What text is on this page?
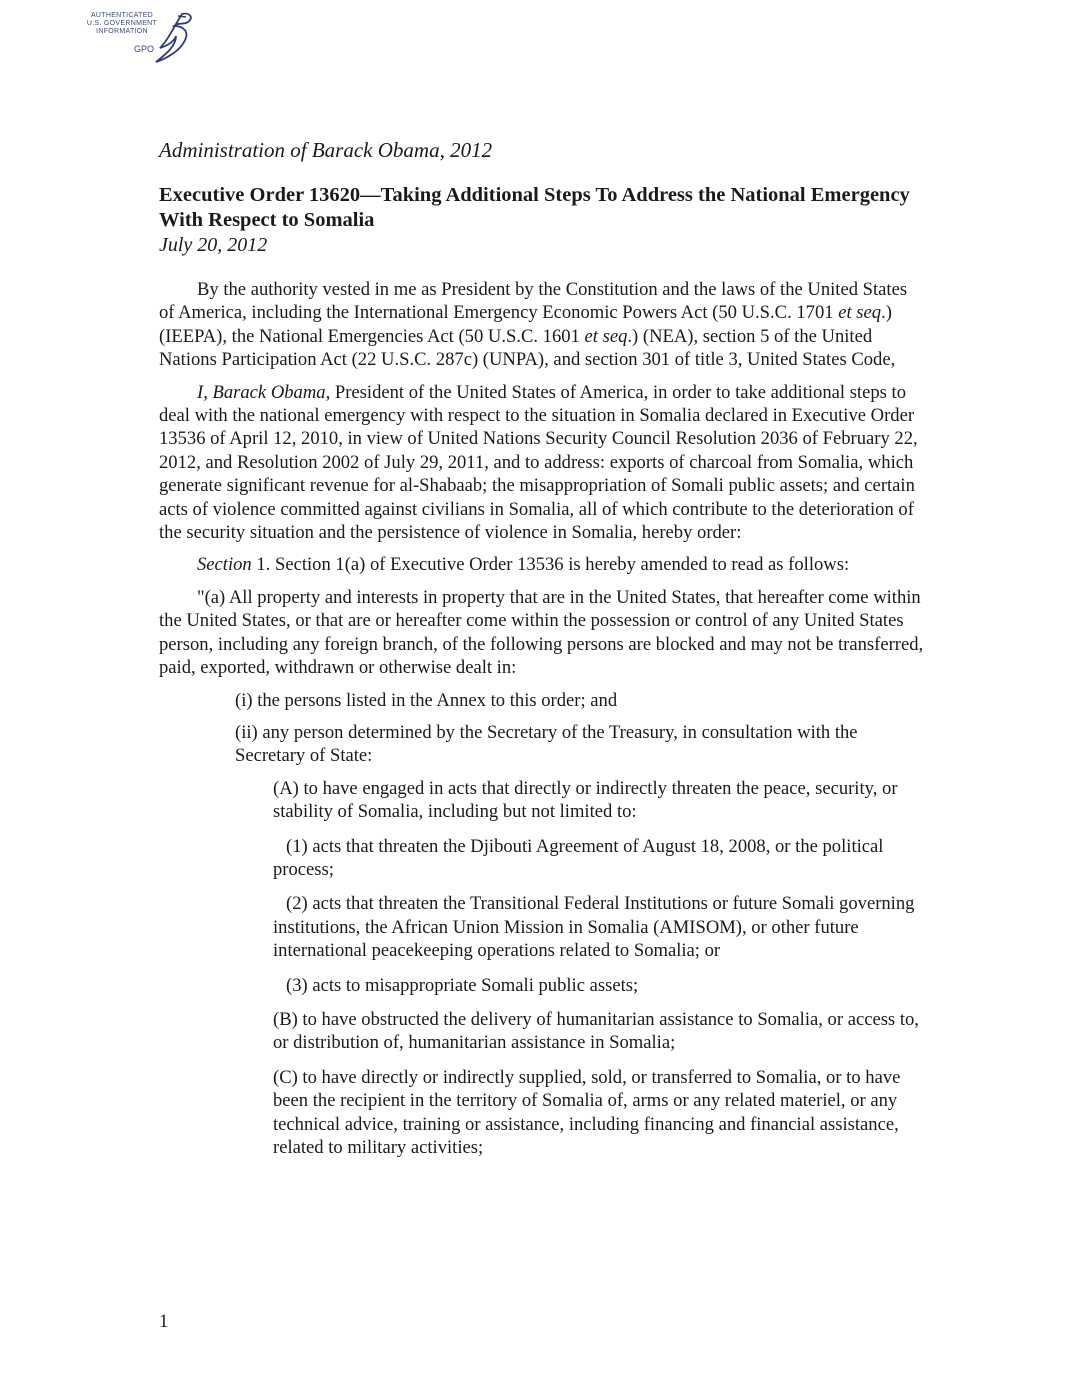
AUTHENTICATED
U.S. GOVERNMENT
INFORMATION
GPO
Administration of Barack Obama, 2012
Executive Order 13620—Taking Additional Steps To Address the National Emergency With Respect to Somalia
July 20, 2012

By the authority vested in me as President by the Constitution and the laws of the United States of America, including the International Emergency Economic Powers Act (50 U.S.C. 1701 et seq.) (IEEPA), the National Emergencies Act (50 U.S.C. 1601 et seq.) (NEA), section 5 of the United Nations Participation Act (22 U.S.C. 287c) (UNPA), and section 301 of title 3, United States Code,

I, Barack Obama, President of the United States of America, in order to take additional steps to deal with the national emergency with respect to the situation in Somalia declared in Executive Order 13536 of April 12, 2010, in view of United Nations Security Council Resolution 2036 of February 22, 2012, and Resolution 2002 of July 29, 2011, and to address: exports of charcoal from Somalia, which generate significant revenue for al-Shabaab; the misappropriation of Somali public assets; and certain acts of violence committed against civilians in Somalia, all of which contribute to the deterioration of the security situation and the persistence of violence in Somalia, hereby order:

Section 1. Section 1(a) of Executive Order 13536 is hereby amended to read as follows:

"(a) All property and interests in property that are in the United States, that hereafter come within the United States, or that are or hereafter come within the possession or control of any United States person, including any foreign branch, of the following persons are blocked and may not be transferred, paid, exported, withdrawn or otherwise dealt in:

(i) the persons listed in the Annex to this order; and

(ii) any person determined by the Secretary of the Treasury, in consultation with the Secretary of State:

(A) to have engaged in acts that directly or indirectly threaten the peace, security, or stability of Somalia, including but not limited to:

(1) acts that threaten the Djibouti Agreement of August 18, 2008, or the political process;

(2) acts that threaten the Transitional Federal Institutions or future Somali governing institutions, the African Union Mission in Somalia (AMISOM), or other future international peacekeeping operations related to Somalia; or

(3) acts to misappropriate Somali public assets;

(B) to have obstructed the delivery of humanitarian assistance to Somalia, or access to, or distribution of, humanitarian assistance in Somalia;

(C) to have directly or indirectly supplied, sold, or transferred to Somalia, or to have been the recipient in the territory of Somalia of, arms or any related materiel, or any technical advice, training or assistance, including financing and financial assistance, related to military activities;

1
